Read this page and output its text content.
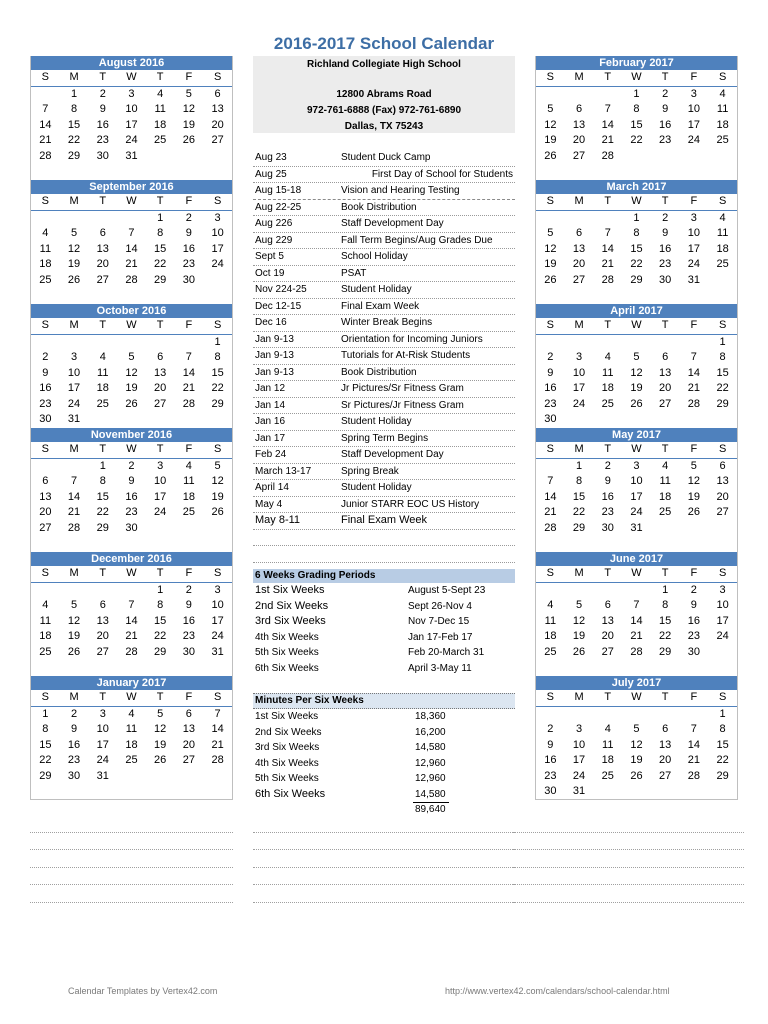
2016-2017 School Calendar
August 2016
S	M	T	W	T	F	S
	1	2	3	4	5	6
7	8	9	10	11	12	13
14	15	16	17	18	19	20
21	22	23	24	25	26	27
28	29	30	31			

September 2016
S	M	T	W	T	F	S
				1	2	3
4	5	6	7	8	9	10
11	12	13	14	15	16	17
18	19	20	21	22	23	24
25	26	27	28	29	30	

October 2016
S	M	T	W	T	F	S
						1
2	3	4	5	6	7	8
9	10	11	12	13	14	15
16	17	18	19	20	21	22
23	24	25	26	27	28	29
30	31					
November 2016
S	M	T	W	T	F	S
		1	2	3	4	5
6	7	8	9	10	11	12
13	14	15	16	17	18	19
20	21	22	23	24	25	26
27	28	29	30			

December 2016
S	M	T	W	T	F	S
				1	2	3
4	5	6	7	8	9	10
11	12	13	14	15	16	17
18	19	20	21	22	23	24
25	26	27	28	29	30	31

January 2017
S	M	T	W	T	F	S
1	2	3	4	5	6	7
8	9	10	11	12	13	14
15	16	17	18	19	20	21
22	23	24	25	26	27	28
29	30	31				

February 2017
S	M	T	W	T	F	S
			1	2	3	4
5	6	7	8	9	10	11
12	13	14	15	16	17	18
19	20	21	22	23	24	25
26	27	28				

March 2017
S	M	T	W	T	F	S
			1	2	3	4
5	6	7	8	9	10	11
12	13	14	15	16	17	18
19	20	21	22	23	24	25
26	27	28	29	30	31	

April 2017
S	M	T	W	T	F	S
						1
2	3	4	5	6	7	8
9	10	11	12	13	14	15
16	17	18	19	20	21	22
23	24	25	26	27	28	29
30						
May 2017
S	M	T	W	T	F	S
	1	2	3	4	5	6
7	8	9	10	11	12	13
14	15	16	17	18	19	20
21	22	23	24	25	26	27
28	29	30	31			

June 2017
S	M	T	W	T	F	S
				1	2	3
4	5	6	7	8	9	10
11	12	13	14	15	16	17
18	19	20	21	22	23	24
25	26	27	28	29	30	

July 2017
S	M	T	W	T	F	S
						1
2	3	4	5	6	7	8
9	10	11	12	13	14	15
16	17	18	19	20	21	22
23	24	25	26	27	28	29
30	31					
Richland Collegiate High School
12800 Abrams Road
972-761-6888 (Fax) 972-761-6890
Dallas, TX 75243
Aug 23	Student Duck Camp
Aug 25	First Day of School for Students
Aug 15-18	Vision and Hearing Testing
Aug 22-25	Book Distribution
Aug 226	Staff Development Day
Aug 229	Fall Term Begins/Aug Grades Due
Sept 5	School Holiday
Oct 19	PSAT
Nov 224-25	Student Holiday
Dec 12-15	Final Exam Week
Dec 16	Winter Break Begins
Jan 9-13	Orientation for Incoming Juniors
Jan 9-13	Tutorials for At-Risk Students
Jan 9-13	Book Distribution
Jan 12	Jr Pictures/Sr Fitness Gram
Jan 14	Sr Pictures/Jr Fitness Gram
Jan 16	Student Holiday
Jan 17	Spring Term Begins
Feb 24	Staff Development Day
March 13-17	Spring Break
April 14	Student Holiday
May 4	Junior STARR EOC US History
May 8-11	Final Exam Week
6 Weeks Grading Periods
1st Six Weeks	August 5-Sept 23
2nd Six Weeks	Sept 26-Nov 4
3rd Six Weeks	Nov 7-Dec 15
4th Six Weeks	Jan 17-Feb 17
5th Six Weeks	Feb 20-March 31
6th Six Weeks	April 3-May 11
Minutes Per Six Weeks
1st Six Weeks	18,360
2nd Six Weeks	16,200
3rd Six Weeks	14,580
4th Six Weeks	12,960
5th Six Weeks	12,960
6th Six Weeks	14,580
89,640
Calendar Templates by Vertex42.com	http://www.vertex42.com/calendars/school-calendar.html
